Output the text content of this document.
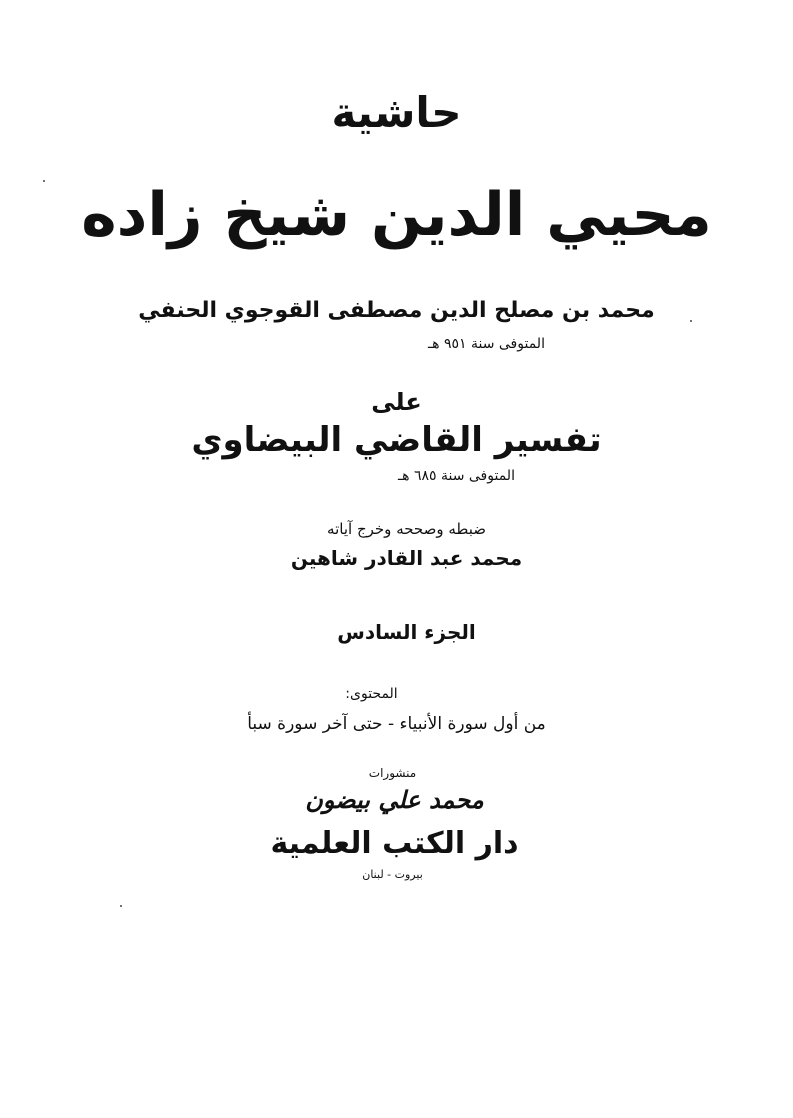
حاشية
محيي الدين شيخ زاده
محمد بن مصلح الدين مصطفى القوجوي الحنفي
المتوفى سنة ٩٥١ هـ
على
تفسير القاضي البيضاوي
المتوفى سنة ٦٨٥ هـ
ضبطه وصححه وخرج آياته
محمد عبد القادر شاهين
الجزء السادس
المحتوى:
من أول سورة الأنبياء - حتى آخر سورة سبأ
منشورات
محمد علي بيضون
دار الكتب العلمية
بيروت - لبنان
